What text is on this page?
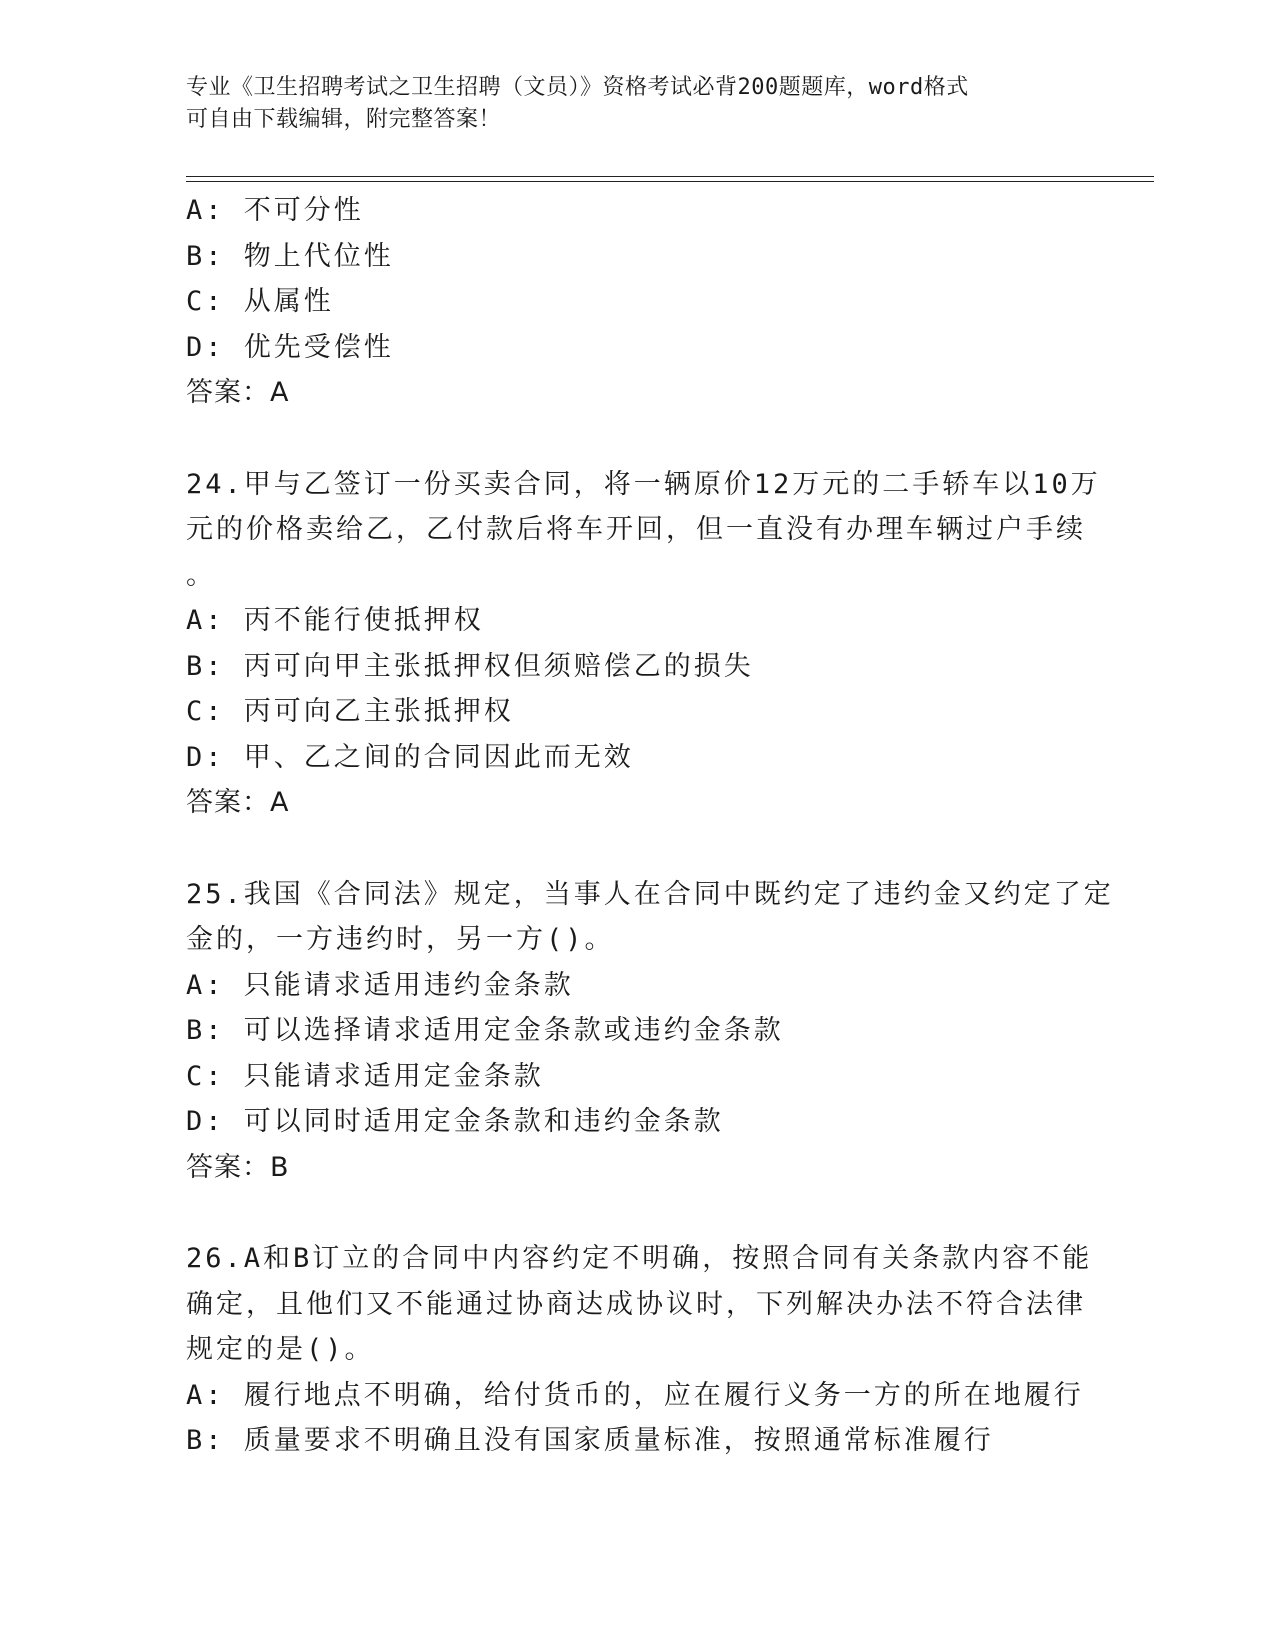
专业《卫生招聘考试之卫生招聘（文员）》资格考试必背200题题库，word格式
可自由下载编辑，附完整答案！
A: 不可分性
B: 物上代位性
C: 从属性
D: 优先受偿性
答案：A
24.甲与乙签订一份买卖合同，将一辆原价12万元的二手轿车以10万
元的价格卖给乙，乙付款后将车开回，但一直没有办理车辆过户手续
。
A: 丙不能行使抵押权
B: 丙可向甲主张抵押权但须赔偿乙的损失
C: 丙可向乙主张抵押权
D: 甲、乙之间的合同因此而无效
答案：A
25.我国《合同法》规定，当事人在合同中既约定了违约金又约定了定
金的，一方违约时，另一方()。
A: 只能请求适用违约金条款
B: 可以选择请求适用定金条款或违约金条款
C: 只能请求适用定金条款
D: 可以同时适用定金条款和违约金条款
答案：B
26.A和B订立的合同中内容约定不明确，按照合同有关条款内容不能
确定，且他们又不能通过协商达成协议时，下列解决办法不符合法律
规定的是()。
A: 履行地点不明确，给付货币的，应在履行义务一方的所在地履行
B: 质量要求不明确且没有国家质量标准，按照通常标准履行
